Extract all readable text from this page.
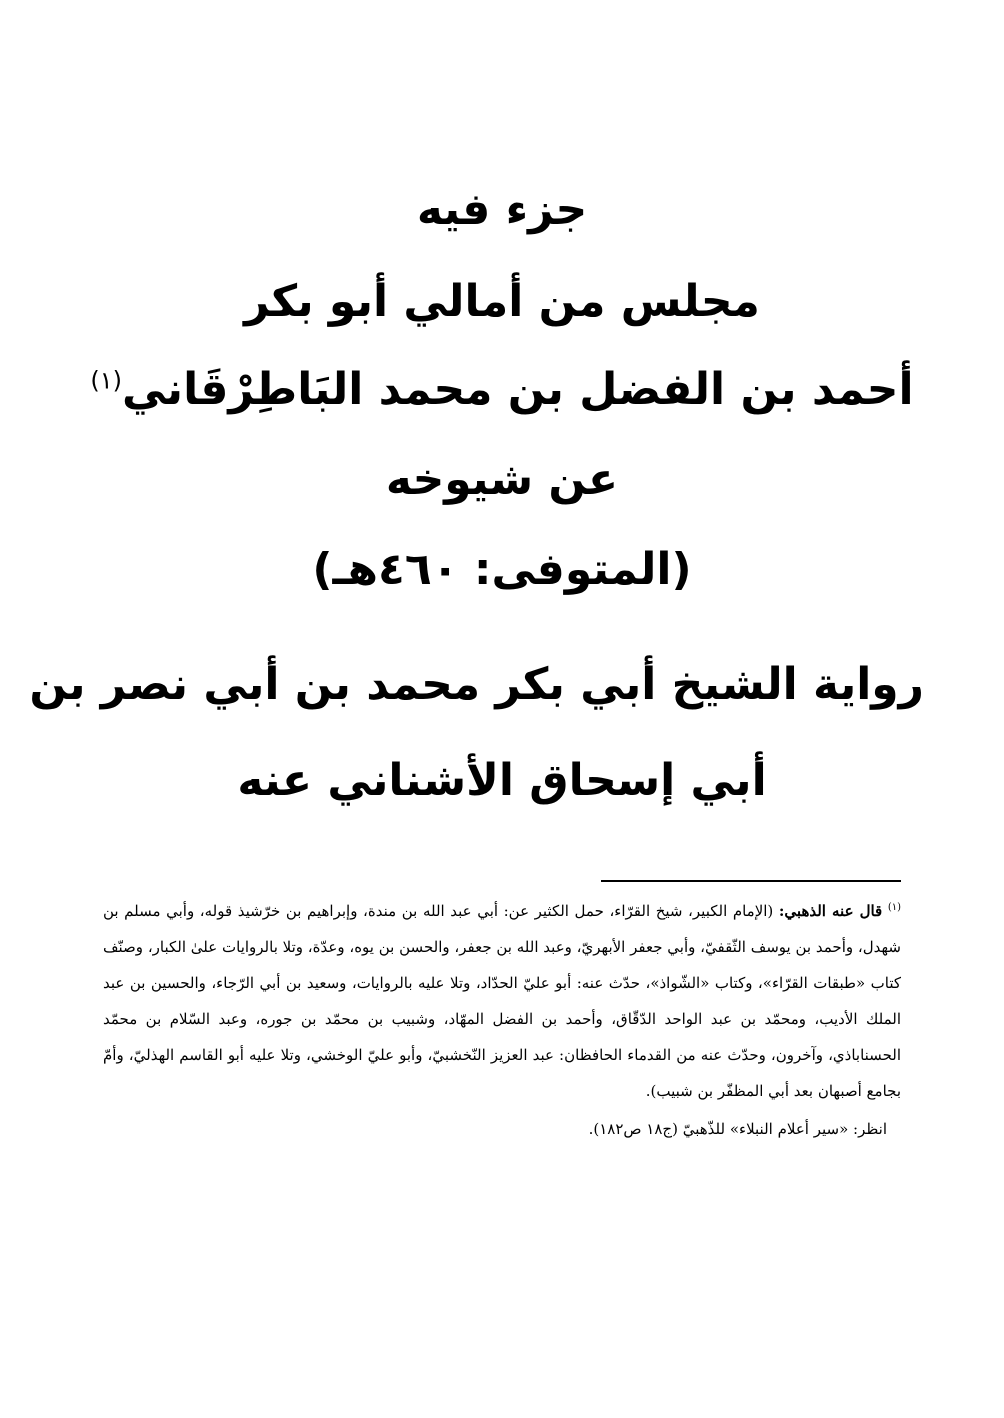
جزء فيه
مجلس من أمالي أبو بكر
أحمد بن الفضل بن محمد البَاطِرْقَاني$^{(١)}$
عن شيوخه
(المتوفى: ٤٦٠هـ)
رواية الشيخ أبي بكر محمد بن أبي نصر بن
أبي إسحاق الأشناني عنه
$^{(١)}$ قال عنه الذهبي: (الإمام الكبير، شيخ القرّاء، حمل الكثير عن: أبي عبد الله بن مندة، وإبراهيم بن خرّشيذ قوله، وأبي مسلم بن شهدل، وأحمد بن يوسف الثّقفيّ، وأبي جعفر الأبهريّ، وعبد الله بن جعفر، والحسن بن يوه، وعدّة، وتلا بالروايات علىٰ الكبار، وصنّف كتاب «طبقات القرّاء»، وكتاب «الشّواذ»، حدّث عنه: أبو عليّ الحدّاد، وتلا عليه بالروايات، وسعيد بن أبي الرّجاء، والحسين بن عبد الملك الأديب، ومحمّد بن عبد الواحد الدّقّاق، وأحمد بن الفضل المهّاد، وشبيب بن محمّد بن جوره، وعبد السّلام بن محمّد الحسناباذي، وآخرون، وحدّث عنه من القدماء الحافظان: عبد العزيز النّخشبيّ، وأبو عليّ الوخشي، وتلا عليه أبو القاسم الهذليّ، وأمّ بجامع أصبهان بعد أبي المظفّر بن شبيب).
انظر: «سير أعلام النبلاء» للذّهبيّ (ج١٨ ص١٨٢).
